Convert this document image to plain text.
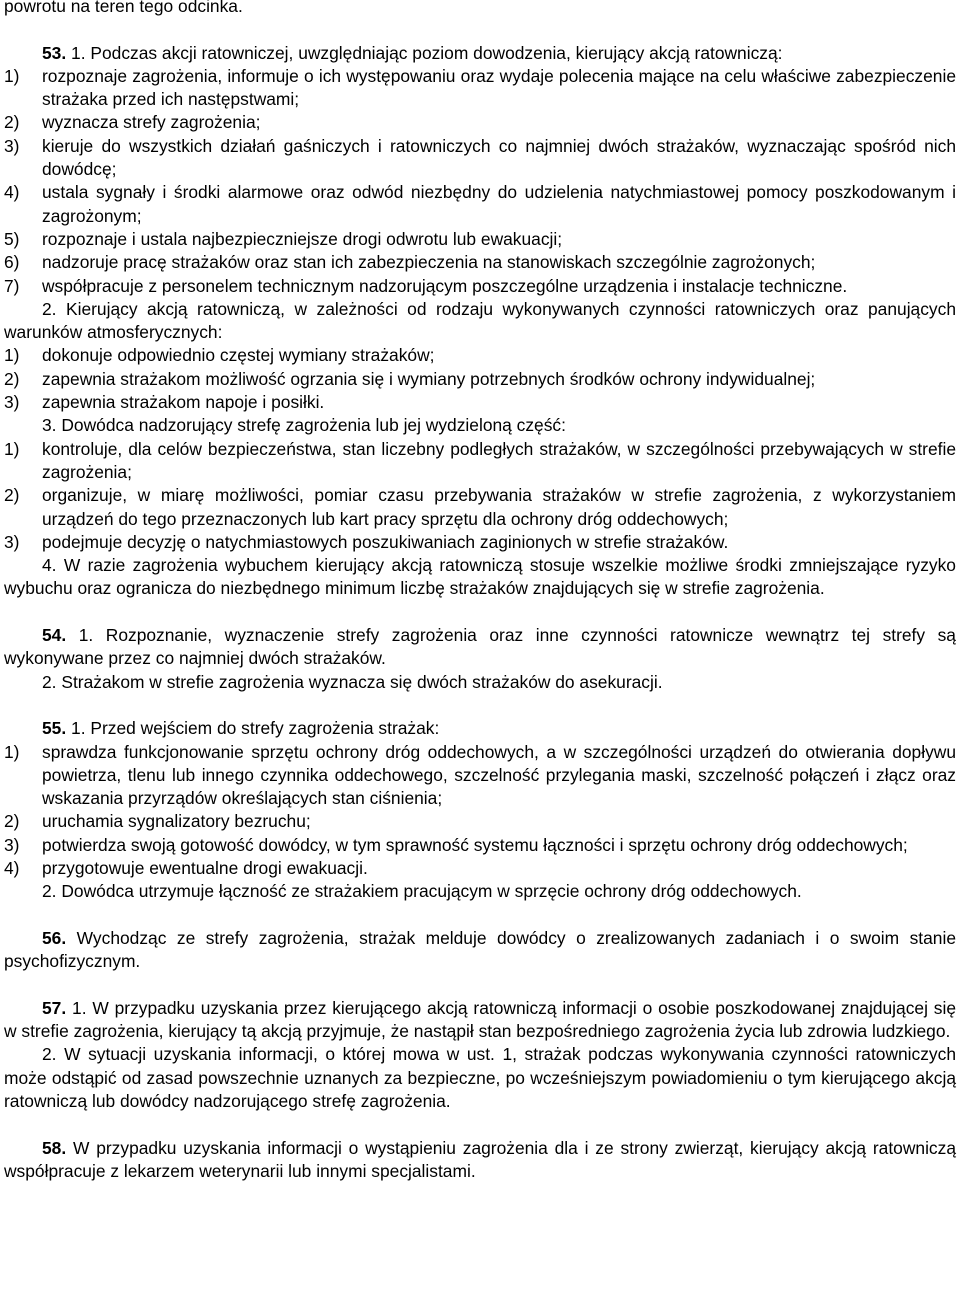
powrotu na teren tego odcinka.

53. 1. Podczas akcji ratowniczej, uwzględniając poziom dowodzenia, kierujący akcją ratowniczą:

1) rozpoznaje zagrożenia, informuje o ich występowaniu oraz wydaje polecenia mające na celu właściwe zabezpieczenie strażaka przed ich następstwami;
2) wyznacza strefy zagrożenia;
3) kieruje do wszystkich działań gaśniczych i ratowniczych co najmniej dwóch strażaków, wyznaczając spośród nich dowódcę;
4) ustala sygnały i środki alarmowe oraz odwód niezbędny do udzielenia natychmiastowej pomocy poszkodowanym i zagrożonym;
5) rozpoznaje i ustala najbezpieczniejsze drogi odwrotu lub ewakuacji;
6) nadzoruje pracę strażaków oraz stan ich zabezpieczenia na stanowiskach szczególnie zagrożonych;
7) współpracuje z personelem technicznym nadzorującym poszczególne urządzenia i instalacje techniczne.

2. Kierujący akcją ratowniczą, w zależności od rodzaju wykonywanych czynności ratowniczych oraz panujących warunków atmosferycznych:

1) dokonuje odpowiednio częstej wymiany strażaków;
2) zapewnia strażakom możliwość ogrzania się i wymiany potrzebnych środków ochrony indywidualnej;
3) zapewnia strażakom napoje i posiłki.

3. Dowódca nadzorujący strefę zagrożenia lub jej wydzieloną część:

1) kontroluje, dla celów bezpieczeństwa, stan liczebny podległych strażaków, w szczególności przebywających w strefie zagrożenia;
2) organizuje, w miarę możliwości, pomiar czasu przebywania strażaków w strefie zagrożenia, z wykorzystaniem urządzeń do tego przeznaczonych lub kart pracy sprzętu dla ochrony dróg oddechowych;
3) podejmuje decyzję o natychmiastowych poszukiwaniach zaginionych w strefie strażaków.

4. W razie zagrożenia wybuchem kierujący akcją ratowniczą stosuje wszelkie możliwe środki zmniejszające ryzyko wybuchu oraz ogranicza do niezbędnego minimum liczbę strażaków znajdujących się w strefie zagrożenia.

54. 1. Rozpoznanie, wyznaczenie strefy zagrożenia oraz inne czynności ratownicze wewnątrz tej strefy są wykonywane przez co najmniej dwóch strażaków.

2. Strażakom w strefie zagrożenia wyznacza się dwóch strażaków do asekuracji.

55. 1. Przed wejściem do strefy zagrożenia strażak:

1) sprawdza funkcjonowanie sprzętu ochrony dróg oddechowych, a w szczególności urządzeń do otwierania dopływu powietrza, tlenu lub innego czynnika oddechowego, szczelność przylegania maski, szczelność połączeń i złącz oraz wskazania przyrządów określających stan ciśnienia;
2) uruchamia sygnalizatory bezruchu;
3) potwierdza swoją gotowość dowódcy, w tym sprawność systemu łączności i sprzętu ochrony dróg oddechowych;
4) przygotowuje ewentualne drogi ewakuacji.

2. Dowódca utrzymuje łączność ze strażakiem pracującym w sprzęcie ochrony dróg oddechowych.

56. Wychodząc ze strefy zagrożenia, strażak melduje dowódcy o zrealizowanych zadaniach i o swoim stanie psychofizycznym.

57. 1. W przypadku uzyskania przez kierującego akcją ratowniczą informacji o osobie poszkodowanej znajdującej się w strefie zagrożenia, kierujący tą akcją przyjmuje, że nastąpił stan bezpośredniego zagrożenia życia lub zdrowia ludzkiego.

2. W sytuacji uzyskania informacji, o której mowa w ust. 1, strażak podczas wykonywania czynności ratowniczych może odstąpić od zasad powszechnie uznanych za bezpieczne, po wcześniejszym powiadomieniu o tym kierującego akcją ratowniczą lub dowódcy nadzorującego strefę zagrożenia.

58. W przypadku uzyskania informacji o wystąpieniu zagrożenia dla i ze strony zwierząt, kierujący akcją ratowniczą współpracuje z lekarzem weterynarii lub innymi specjalistami.
